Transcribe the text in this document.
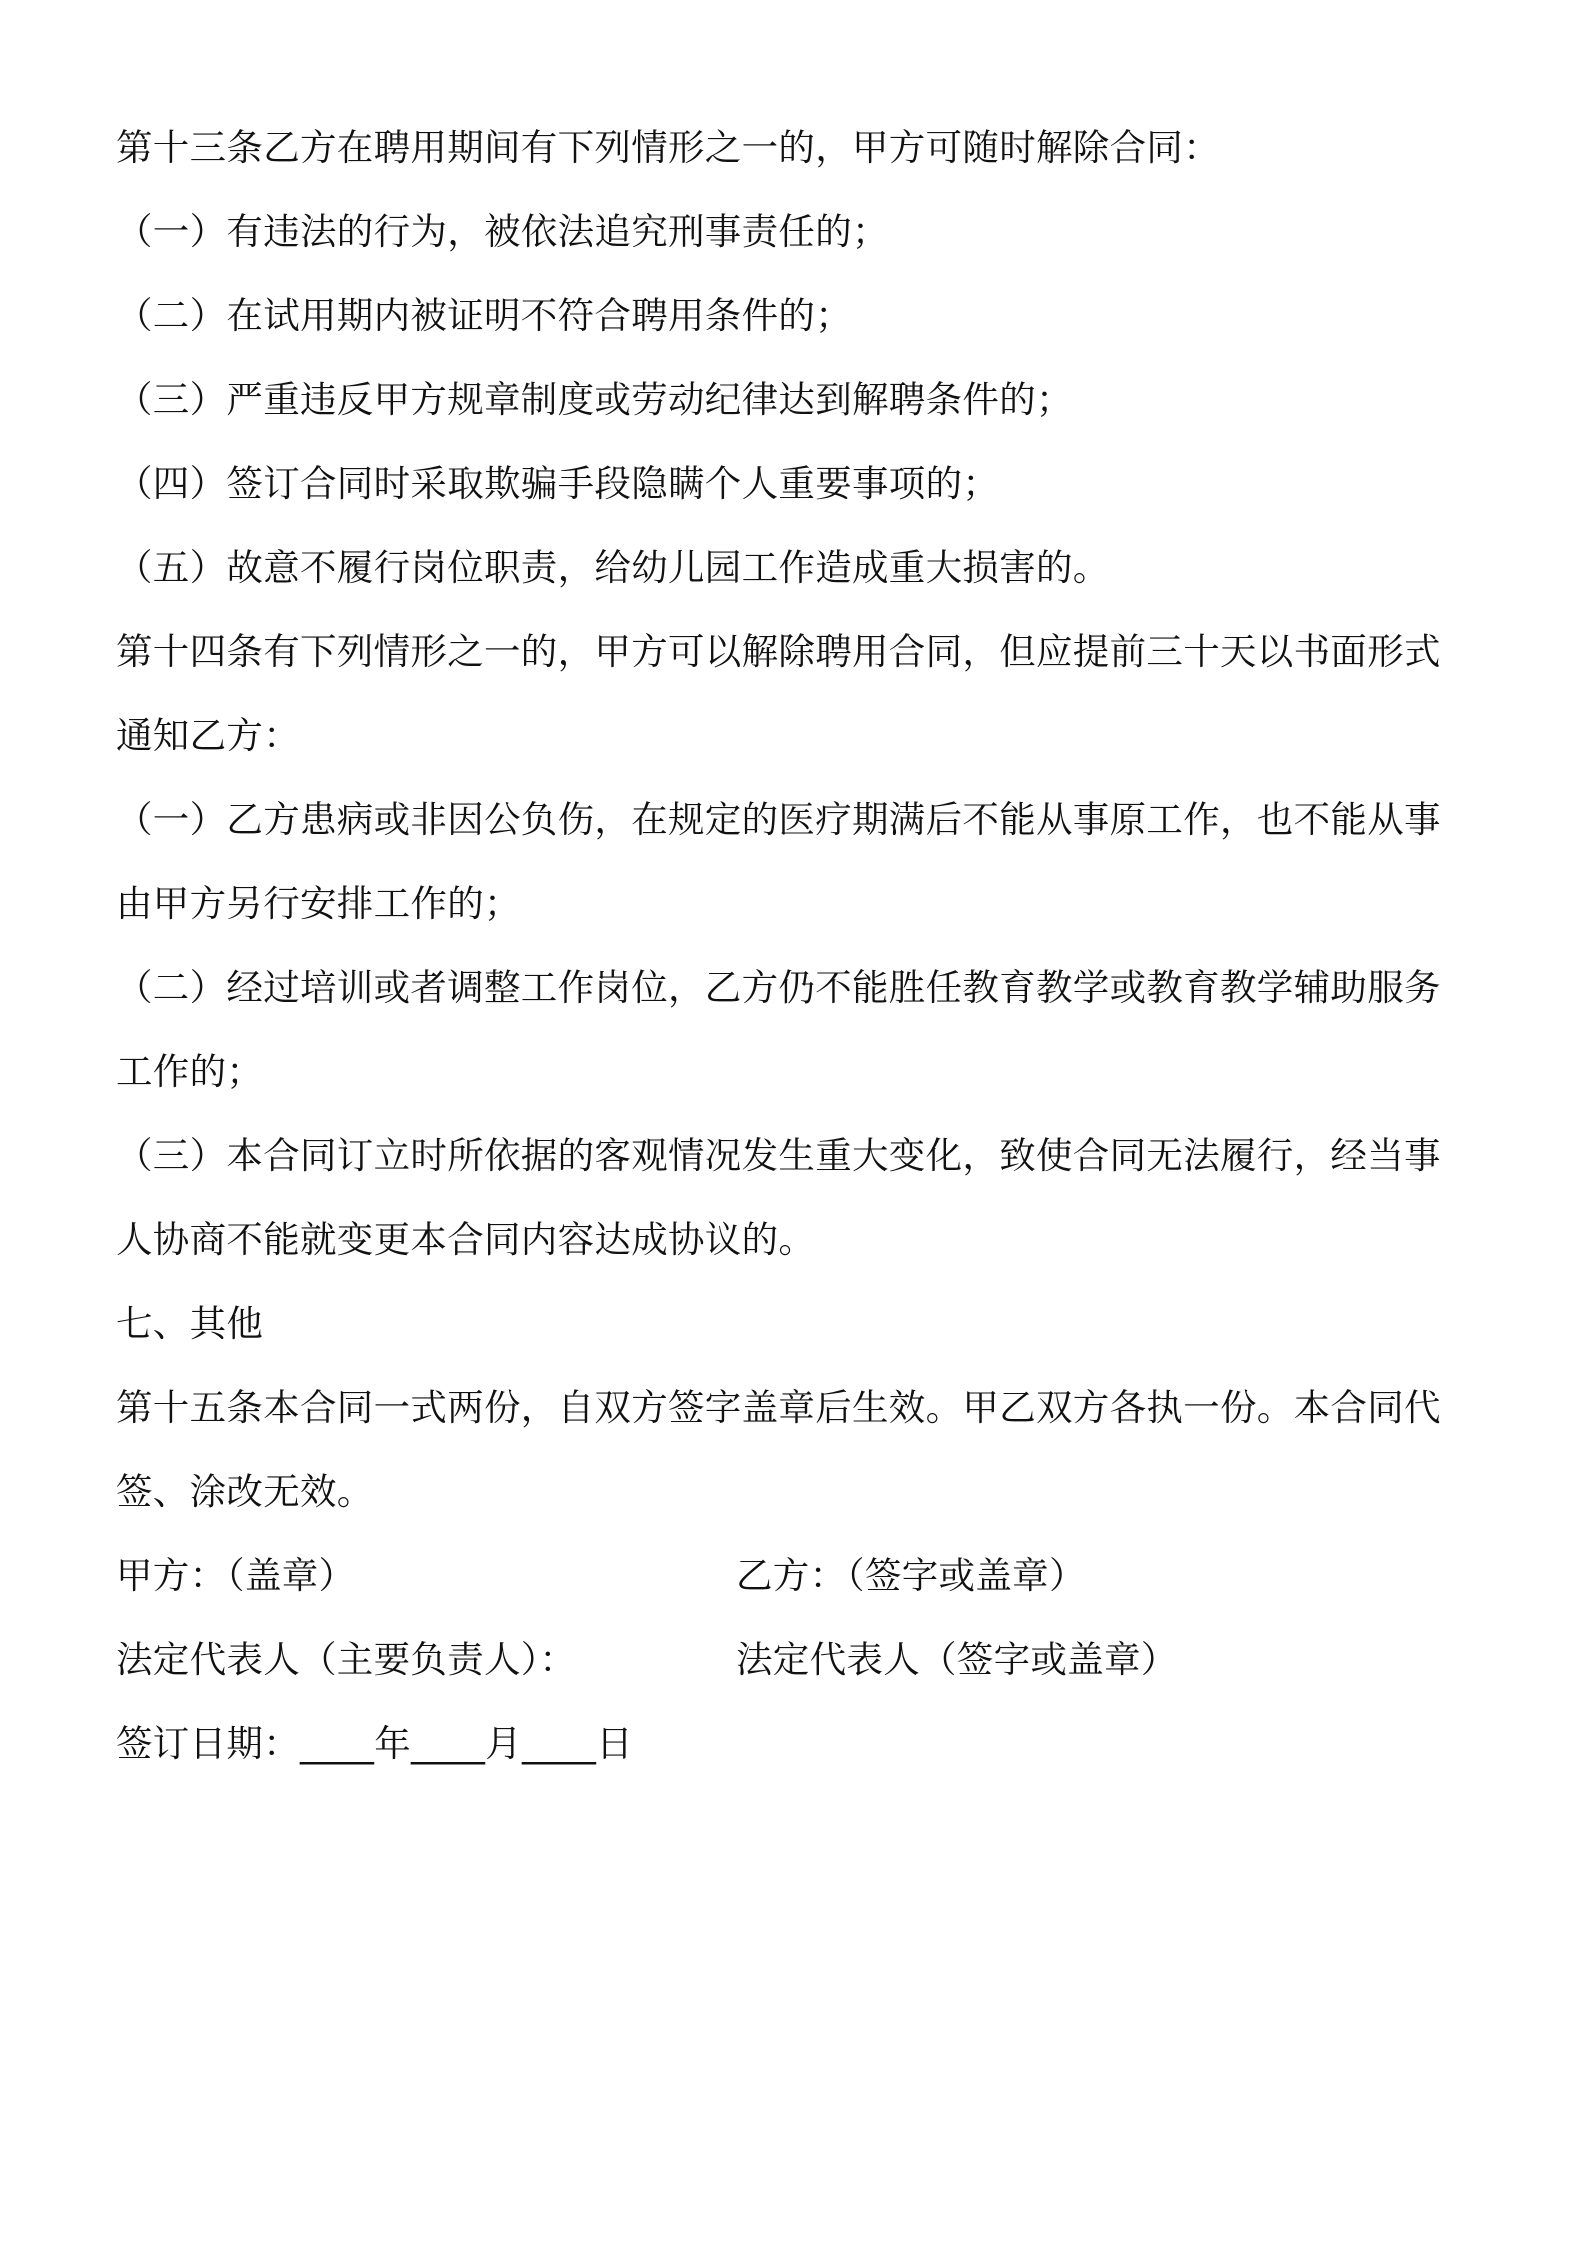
第十三条乙方在聘用期间有下列情形之一的，甲方可随时解除合同：
（一）有违法的行为，被依法追究刑事责任的；
（二）在试用期内被证明不符合聘用条件的；
（三）严重违反甲方规章制度或劳动纪律达到解聘条件的；
（四）签订合同时采取欺骗手段隐瞒个人重要事项的；
（五）故意不履行岗位职责，给幼儿园工作造成重大损害的。
第十四条有下列情形之一的，甲方可以解除聘用合同，但应提前三十天以书面形式
通知乙方：
（一）乙方患病或非因公负伤，在规定的医疗期满后不能从事原工作，也不能从事
由甲方另行安排工作的；
（二）经过培训或者调整工作岗位，乙方仍不能胜任教育教学或教育教学辅助服务
工作的；
（三）本合同订立时所依据的客观情况发生重大变化，致使合同无法履行，经当事
人协商不能就变更本合同内容达成协议的。
七、其他
第十五条本合同一式两份，自双方签字盖章后生效。甲乙双方各执一份。本合同代
签、涂改无效。
甲方：（盖章）	乙方：（签字或盖章）
法定代表人（主要负责人）：	法定代表人（签字或盖章）
签订日期：____年____月____日
